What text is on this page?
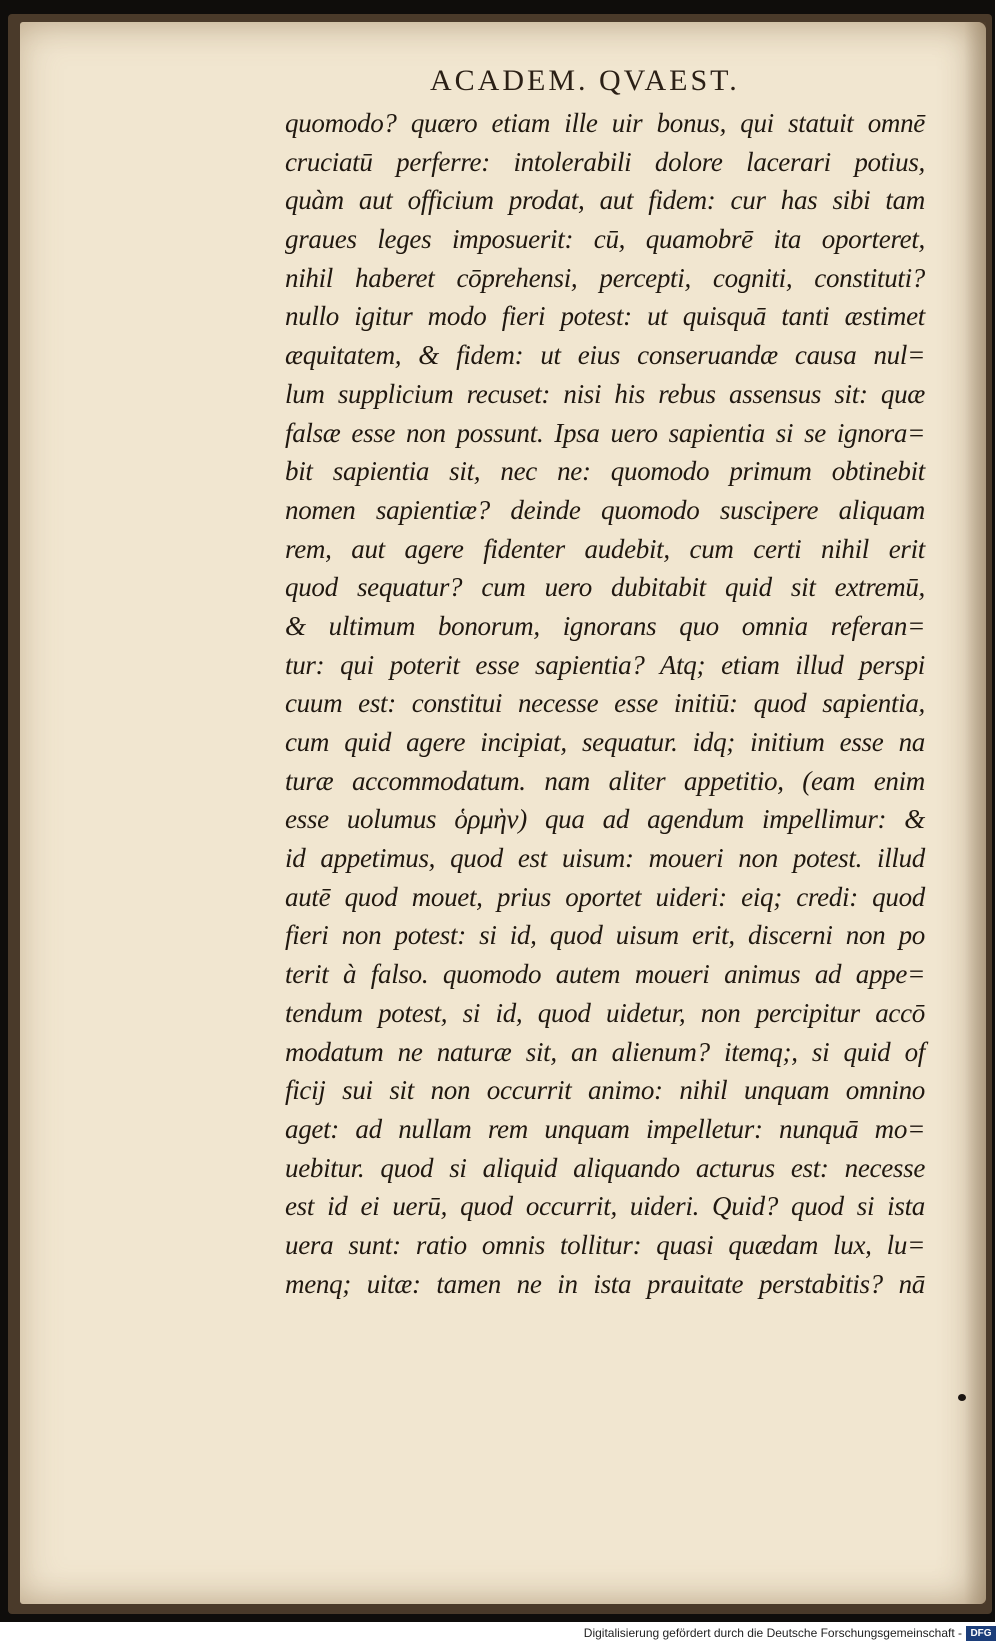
ACADEM. QVAEST.
quomodo? quæro etiam ille uir bonus, qui statuit omnē
cruciatū perferre: intolerabili dolore lacerari potius,
quàm aut officium prodat, aut fidem: cur has sibi tam
graues leges imposuerit: cū, quamobrē ita oporteret,
nihil haberet cōprehensi, percepti, cogniti, constituti?
nullo igitur modo fieri potest: ut quisquā tanti æstimet
æquitatem, & fidem: ut eius conseruandæ causa nul=
lum supplicium recuset: nisi his rebus assensus sit: quæ
falsæ esse non possunt. Ipsa uero sapientia si se ignora=
bit sapientia sit, nec ne: quomodo primum obtinebit
nomen sapientiæ? deinde quomodo suscipere aliquam
rem, aut agere fidenter audebit, cum certi nihil erit
quod sequatur? cum uero dubitabit quid sit extremū,
& ultimum bonorum, ignorans quo omnia referan=
tur: qui poterit esse sapientia? Atq; etiam illud perspi
cuum est: constitui necesse esse initiū: quod sapientia,
cum quid agere incipiat, sequatur. idq; initium esse na
turæ accommodatum. nam aliter appetitio, (eam enim
esse uolumus ὁρμὴν) qua ad agendum impellimur: &
id appetimus, quod est uisum: moueri non potest. illud
autē quod mouet, prius oportet uideri: eiq; credi: quod
fieri non potest: si id, quod uisum erit, discerni non po
terit à falso. quomodo autem moueri animus ad appe=
tendum potest, si id, quod uidetur, non percipitur accō
modatum ne naturæ sit, an alienum? itemq;, si quid of
ficij sui sit non occurrit animo: nihil unquam omnino
aget: ad nullam rem unquam impelletur: nunquā mo=
uebitur. quod si aliquid aliquando acturus est: necesse
est id ei uerū, quod occurrit, uideri. Quid? quod si ista
uera sunt: ratio omnis tollitur: quasi quædam lux, lu=
menq; uitæ: tamen ne in ista prauitate perstabitis? nā
Digitalisierung gefördert durch die Deutsche Forschungsgemeinschaft - DFG
